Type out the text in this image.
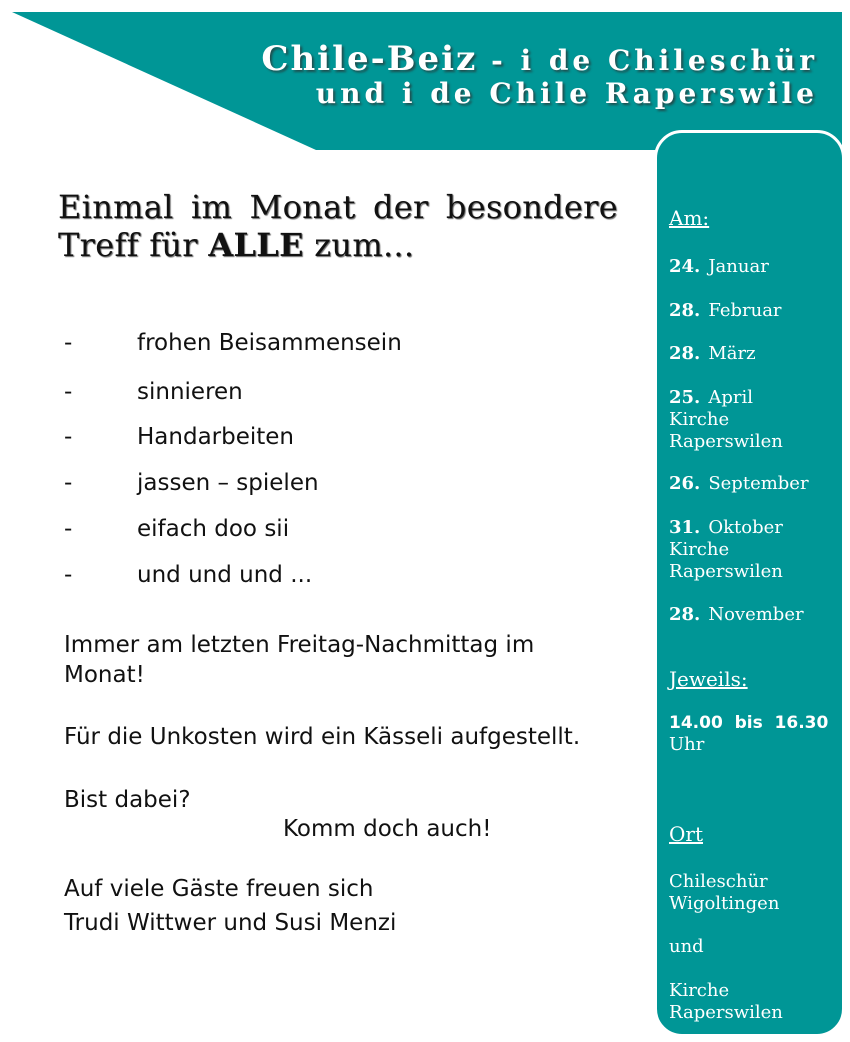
Chile-Beiz - i de Chileschür
und i de Chile Raperswile
Einmal im Monat der besondere
Treff für ALLE zum...
-	frohen Beisammensein
-	sinnieren
-	Handarbeiten
-	jassen – spielen
-	eifach doo sii
-	und und und ...
Immer am letzten Freitag-Nachmittag im
Monat!
Für die Unkosten wird ein Kässeli aufgestellt.
Bist dabei?
Komm doch auch!
Auf viele Gäste freuen sich
Trudi Wittwer und Susi Menzi
Am:
24. Januar
28. Februar
28. März
25. April
Kirche
Raperswilen
26. September
31. Oktober
Kirche
Raperswilen
28. November
Jeweils:
14.00  bis  16.30
Uhr
Ort
Chileschür
Wigoltingen
und
Kirche
Raperswilen
